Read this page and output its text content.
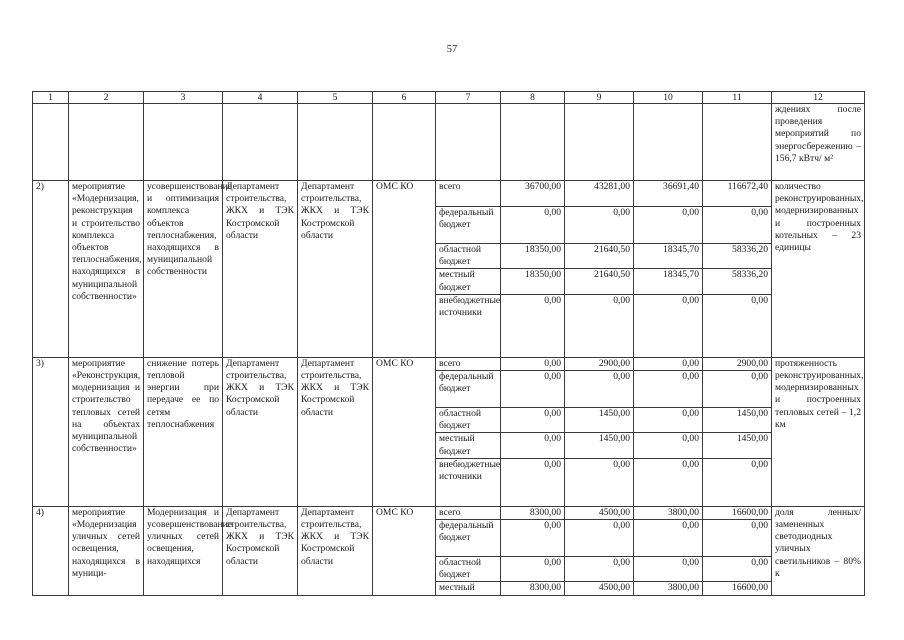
57
1	2	3	4	5	6	7	8	9	10	11	12
											ждениях после проведения мероприятий по энергосбережению – 156,7 кВтч/ м²
2)	мероприятие «Модернизация, реконструкция и строительство комплекса объектов теплоснабжения, находящихся в муниципальной собственности»	усовершенствование и оптимизация комплекса объектов теплоснабжения, находящихся в муниципальной собственности	Департамент строительства, ЖКХ и ТЭК Костромской области	Департамент строительства, ЖКХ и ТЭК Костромской области	ОМС КО	всего	36700,00	43281,00	36691,40	116672,40	количество реконструированных, модернизированных и построенных котельных – 23 единицы
						федеральный бюджет	0,00	0,00	0,00	0,00	
						областной бюджет	18350,00	21640,50	18345,70	58336,20	
						местный бюджет	18350,00	21640,50	18345,70	58336,20	
						внебюджетные источники	0,00	0,00	0,00	0,00	
3)	мероприятие «Реконструкция, модернизация и строительство тепловых сетей на объектах муниципальной собственности»	снижение потерь тепловой энергии при передаче ее по сетям теплоснабжения	Департамент строительства, ЖКХ и ТЭК Костромской области	Департамент строительства, ЖКХ и ТЭК Костромской области	ОМС КО	всего	0,00	2900,00	0,00	2900,00	протяженность реконструированных, модернизированных и построенных тепловых сетей – 1,2 км
						федеральный бюджет	0,00	0,00	0,00	0,00	
						областной бюджет	0,00	1450,00	0,00	1450,00	
						местный бюджет	0,00	1450,00	0,00	1450,00	
						внебюджетные источники	0,00	0,00	0,00	0,00	
4)	мероприятие «Модернизация уличных сетей освещения, находящихся в муници-	Модернизация и усовершенствование уличных сетей освещения, находящихся	Департамент строительства, ЖКХ и ТЭК Костромской области	Департамент строительства, ЖКХ и ТЭК Костромской области	ОМС КО	всего	8300,00	4500,00	3800,00	16600,00	доля ленных/замененных светодиодных уличных светильников – 80% к
						федеральный бюджет	0,00	0,00	0,00	0,00	
						областной бюджет	0,00	0,00	0,00	0,00	
						местный	8300,00	4500,00	3800,00	16600,00	
